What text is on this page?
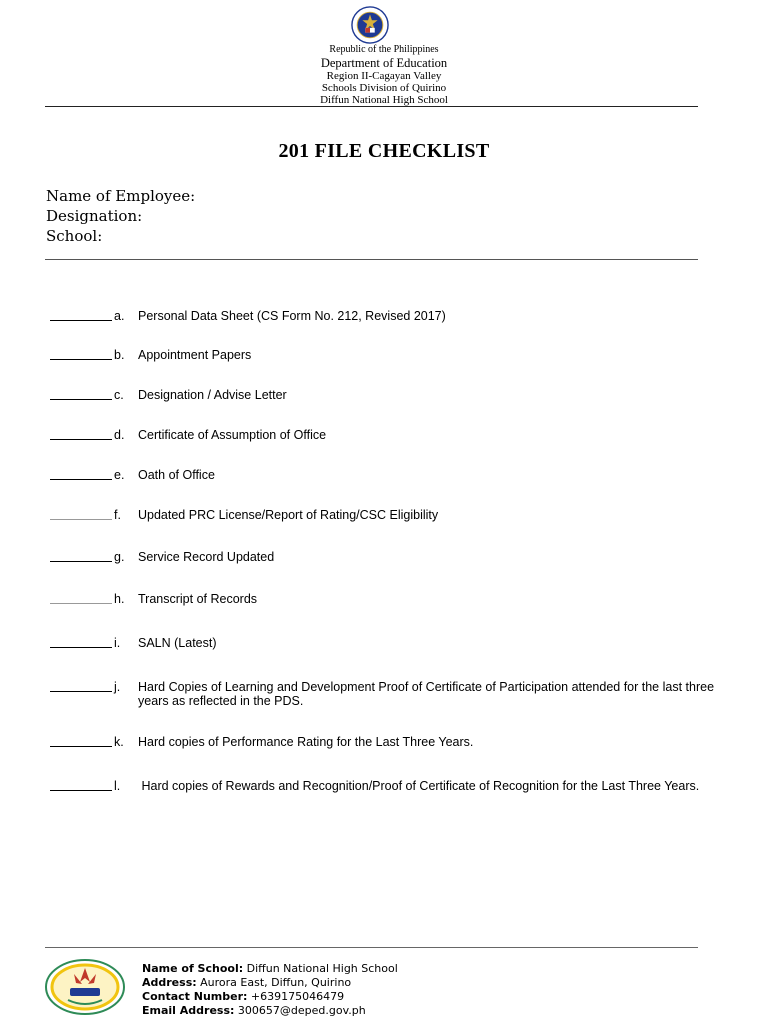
Republic of the Philippines
Department of Education
Region II-Cagayan Valley
Schools Division of Quirino
Diffun National High School
201 FILE CHECKLIST
Name of Employee:
Designation:
School:
a. Personal Data Sheet (CS Form No. 212, Revised 2017)
b. Appointment Papers
c. Designation / Advise Letter
d. Certificate of Assumption of Office
e. Oath of Office
f. Updated PRC License/Report of Rating/CSC Eligibility
g. Service Record Updated
h. Transcript of Records
i. SALN (Latest)
j. Hard Copies of Learning and Development Proof of Certificate of Participation attended for the last three years as reflected in the PDS.
k. Hard copies of Performance Rating for the Last Three Years.
l. Hard copies of Rewards and Recognition/Proof of Certificate of Recognition for the Last Three Years.
Name of School: Diffun National High School
Address: Aurora East, Diffun, Quirino
Contact Number: +639175046479
Email Address: 300657@deped.gov.ph
